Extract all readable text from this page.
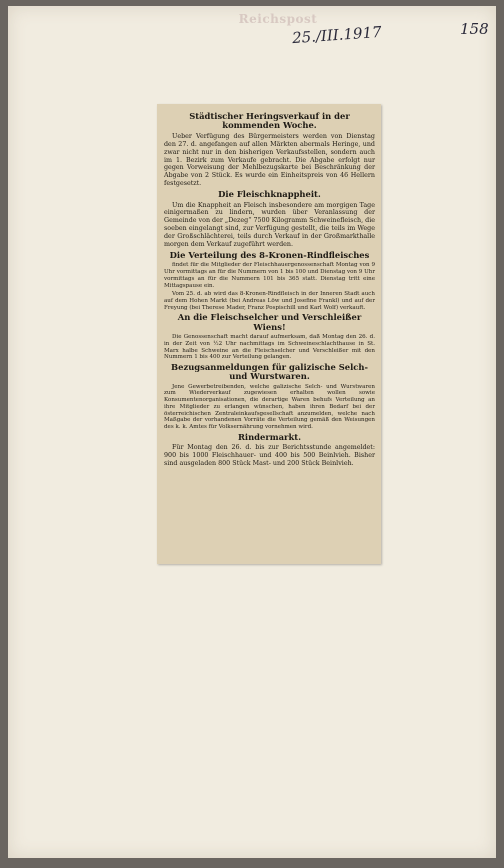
Reichspost
25./III.1917	158
Städtischer Heringsverkauf in der kommenden Woche.

Ueber Verfügung des Bürgermeisters werden von Dienstag den 27. d. angefangen auf allen Märkten abermals Heringe, und zwar nicht nur in den bisherigen Verkaufsstellen, sondern auch im 1. Bezirk zum Verkaufe gebracht. Die Abgabe erfolgt nur gegen Vorweisung der Mehlbezugskarte bei Beschränkung der Abgabe von 2 Stück. Es wurde ein Einheitspreis von 46 Hellern festgesetzt.

Die Fleischknappheit.

Um die Knappheit an Fleisch insbesondere am morgigen Tage einigermaßen zu lindern, wurden über Veranlassung der Gemeinde von der „Dezeg“ 7500 Kilogramm Schweinefleisch, die soeben eingelangt sind, zur Verfügung gestellt, die teils im Wege der Großschlächterei, teils durch Verkauf in der Großmarkthalle morgen dem Verkauf zugeführt werden.

Die Verteilung des 8-Kronen-Rindfleisches

findet für die Mitglieder der Fleischhauergenossenschaft Montag von 9 Uhr vormittags an für die Nummern von 1 bis 100 und Dienstag von 9 Uhr vormittags an für die Nummern 101 bis 365 statt. Dienstag tritt eine Mittagspause ein.

Vom 25. d. ab wird das 8-Kronen-Rindfleisch in der Inneren Stadt auch auf dem Hohen Markt (bei Andreas Löw und Josefine Frankl) und auf der Freyung (bei Therese Mader, Franz Pospischill und Karl Wolf) verkauft.

An die Fleischselcher und Verschleißer Wiens!

Die Genossenschaft macht darauf aufmerksam, daß Montag den 26. d. in der Zeit von ½2 Uhr nachmittags im Schweineschlachthause in St. Marx halbe Schweine an die Fleischselcher und Verschleißer mit den Nummern 1 bis 400 zur Verteilung gelangen.

Bezugsanmeldungen für galizische Selch- und Wurstwaren.

Jene Gewerbetreibenden, welche galizische Selch- und Wurstwaren zum Wiederverkauf zugewiesen erhalten wollen sowie Konsumentenorganisationen, die derartige Waren behufs Verteilung an ihre Mitglieder zu erlangen wünschen, haben ihren Bedarf bei der österreichischen Zentraleinkaufsgesellschaft anzumelden, welche nach Maßgabe der vorhandenen Vorräte die Verteilung gemäß den Weisungen des k. k. Amtes für Volksernährung vornehmen wird.

Rindermarkt.

Für Montag den 26. d. bis zur Berichtsstunde angemeldet: 900 bis 1000 Fleischhauer- und 400 bis 500 Beinlvieh. Bisher sind ausgeladen 800 Stück Mast- und 200 Stück Beinlvieh.
